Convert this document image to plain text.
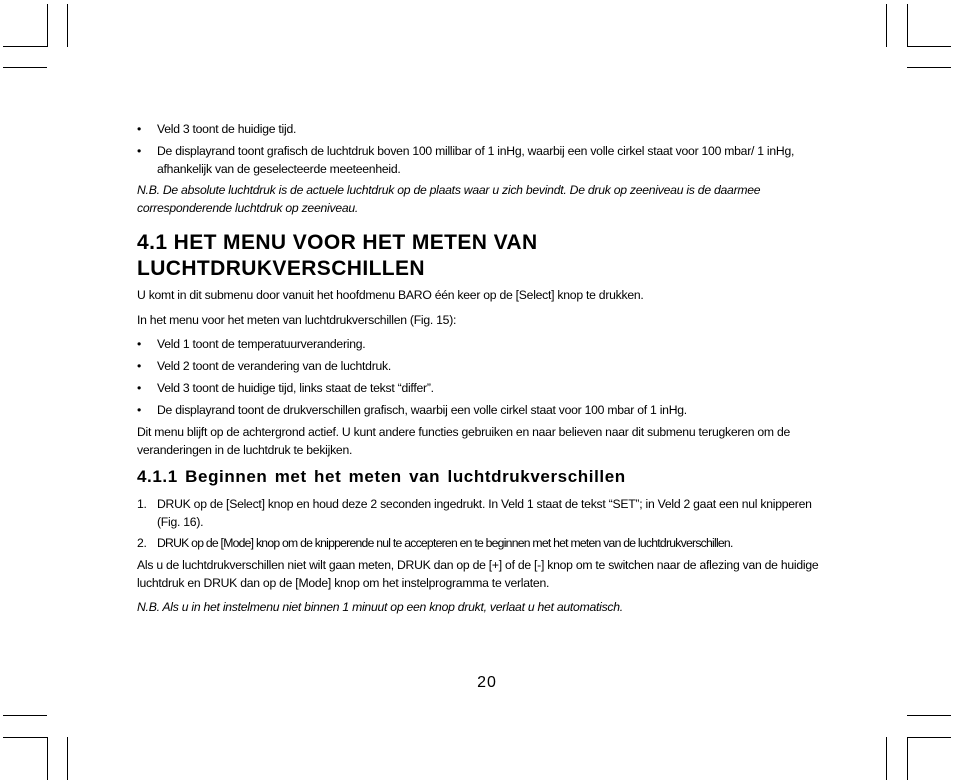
•	Veld 3 toont de huidige tijd.
•	De displayrand toont grafisch de luchtdruk boven 100 millibar of 1 inHg, waarbij een volle cirkel staat voor 100 mbar/ 1 inHg, afhankelijk van de geselecteerde meeteenheid.
N.B. De absolute luchtdruk is de actuele luchtdruk op de plaats waar u zich bevindt. De druk op zeeniveau is de daarmee corresponderende luchtdruk op zeeniveau.
4.1 HET MENU VOOR HET METEN VAN LUCHTDRUKVERSCHILLEN
U komt in dit submenu door vanuit het hoofdmenu BARO één keer op de [Select] knop te drukken.
In het menu voor het meten van luchtdrukverschillen (Fig. 15):
•	Veld 1 toont de temperatuurverandering.
•	Veld 2 toont de verandering van de luchtdruk.
•	Veld 3 toont de huidige tijd, links staat de tekst “differ”.
•	De displayrand toont de drukverschillen grafisch, waarbij een volle cirkel staat voor 100 mbar of 1 inHg.
Dit menu blijft op de achtergrond actief. U kunt andere functies gebruiken en naar believen naar dit submenu terugkeren om de veranderingen in de luchtdruk te bekijken.
4.1.1 Beginnen met het meten van luchtdrukverschillen
1. DRUK op de [Select] knop en houd deze 2 seconden ingedrukt. In Veld 1 staat de tekst “SET”; in Veld 2 gaat een nul knipperen (Fig. 16).
2. DRUK op de [Mode] knop om de knipperende nul te accepteren en te beginnen met het meten van de luchtdrukverschillen.
Als u de luchtdrukverschillen niet wilt gaan meten, DRUK dan op de [+] of de [-] knop om te switchen naar de aflezing van de huidige luchtdruk en DRUK dan op de [Mode] knop om het instelprogramma te verlaten.
N.B. Als u in het instelmenu niet binnen 1 minuut op een knop drukt, verlaat u het automatisch.
20
